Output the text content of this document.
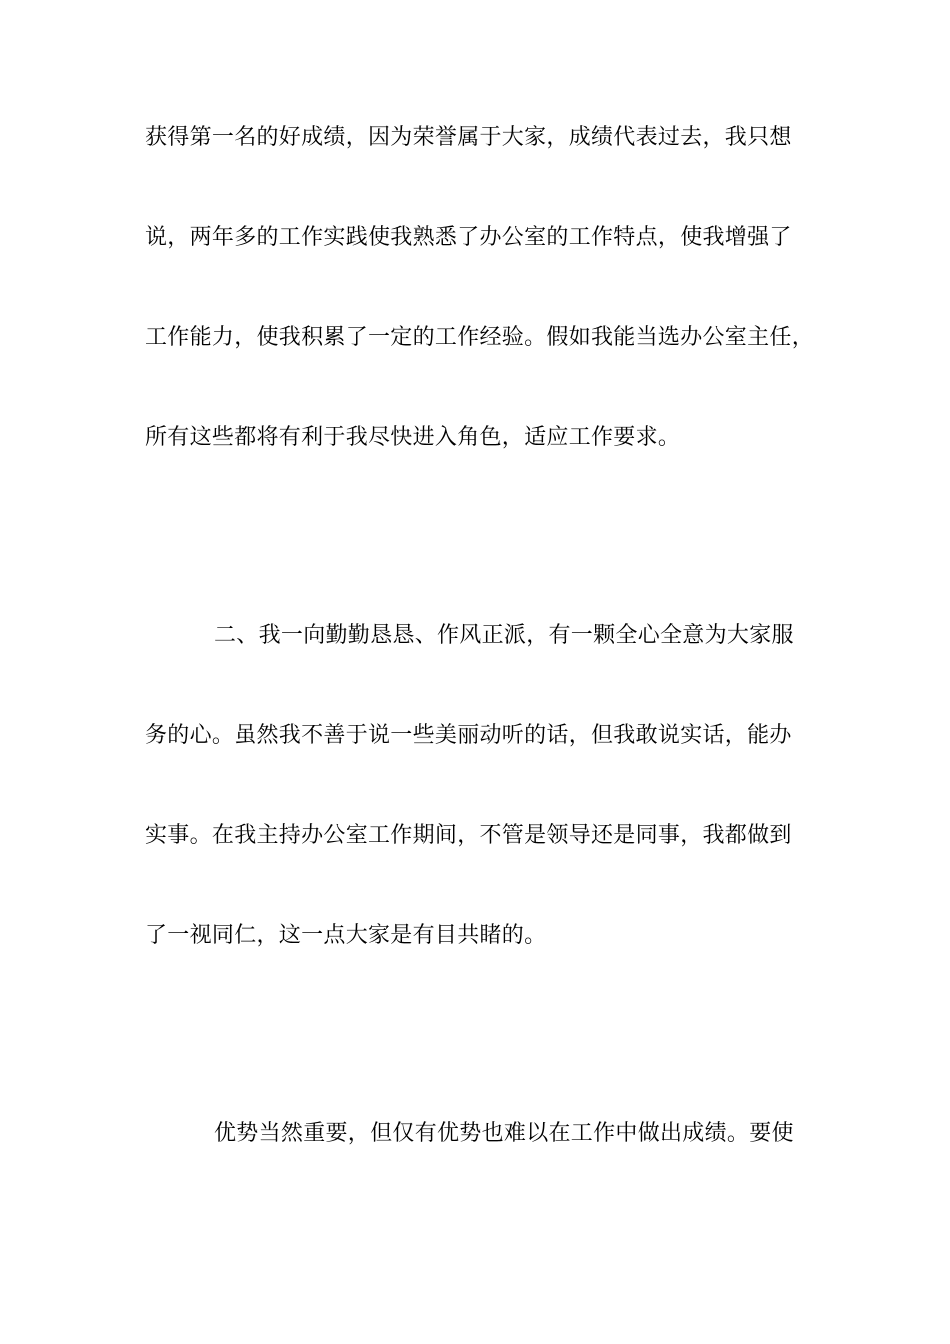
获得第一名的好成绩，因为荣誉属于大家，成绩代表过去，我只想
说，两年多的工作实践使我熟悉了办公室的工作特点，使我增强了
工作能力，使我积累了一定的工作经验。假如我能当选办公室主任，
所有这些都将有利于我尽快进入角色，适应工作要求。
二、我一向勤勤恳恳、作风正派，有一颗全心全意为大家服
务的心。虽然我不善于说一些美丽动听的话，但我敢说实话，能办
实事。在我主持办公室工作期间，不管是领导还是同事，我都做到
了一视同仁，这一点大家是有目共睹的。
优势当然重要，但仅有优势也难以在工作中做出成绩。要使
